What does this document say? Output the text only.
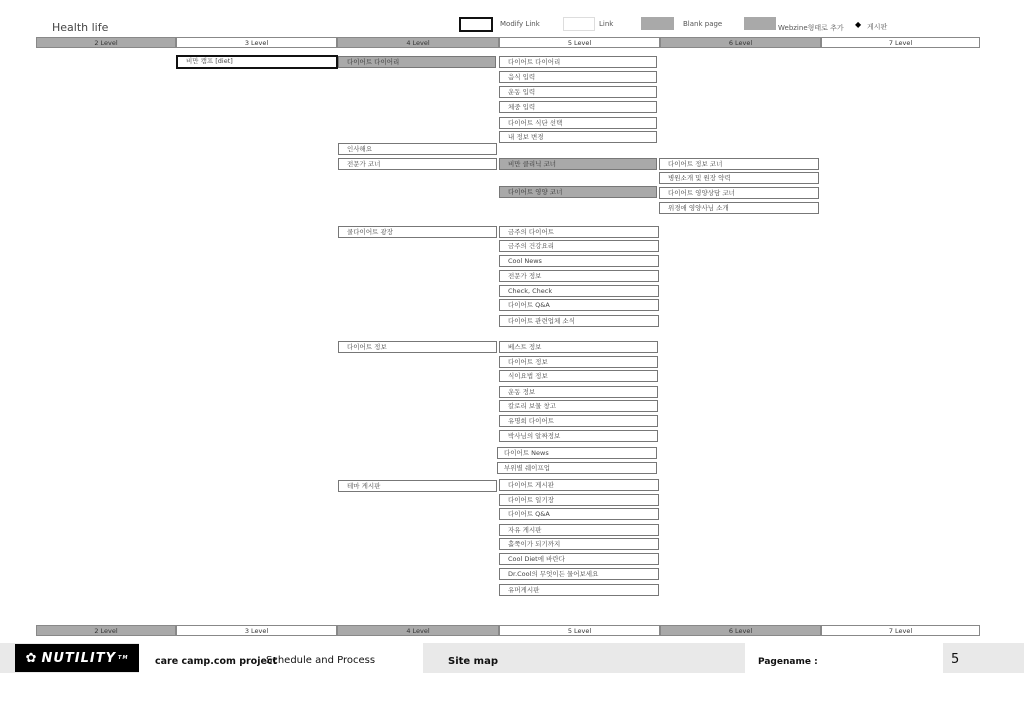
Health life	Modify Link	Link	Blank page	Webzine형태로 추가 ◆ 게시판
2 Level	3 Level	4 Level	5 Level	6 Level	7 Level
비만 캠프 [diet]	다이어트 다이어리
인사해요
전문가 코너
쿨다이어트 광장
다이어트 정보
테마 게시판
다이어트 다이어리
음식 입력
운동 입력
체중 입력
다이어트 식단 선택
내 정보 변경
비만 클리닉 코너
다이어트 영양 코너
다이어트 정보 코너
병원소개 및 원장 약력
다이어트 영양상담 코너
위경애 영양사님 소개
금주의 다이어트
금주의 건강요리
Cool News
전문가 정보
Check, Check
다이어트 Q&A
다이어트 관련업체 소식
베스트 정보
다이어트 정보
식이요법 정보
운동 정보
칼로리 보물 창고
유명희 다이어트
박사님의 알짜정보
다이어트 News
부위별 쉐이프업
다이어트 게시판
다이어트 일기장
다이어트 Q&A
자유 게시판
홀쭉이가 되기까지
Cool Diet에 바란다
Dr.Cool의 무엇이든 물어보세요
유머게시판
2 Level	3 Level	4 Level	5 Level	6 Level	7 Level
✿ NUTILITY TM	care camp.com project
Schedule and Process	Site map	Pagename :	5
